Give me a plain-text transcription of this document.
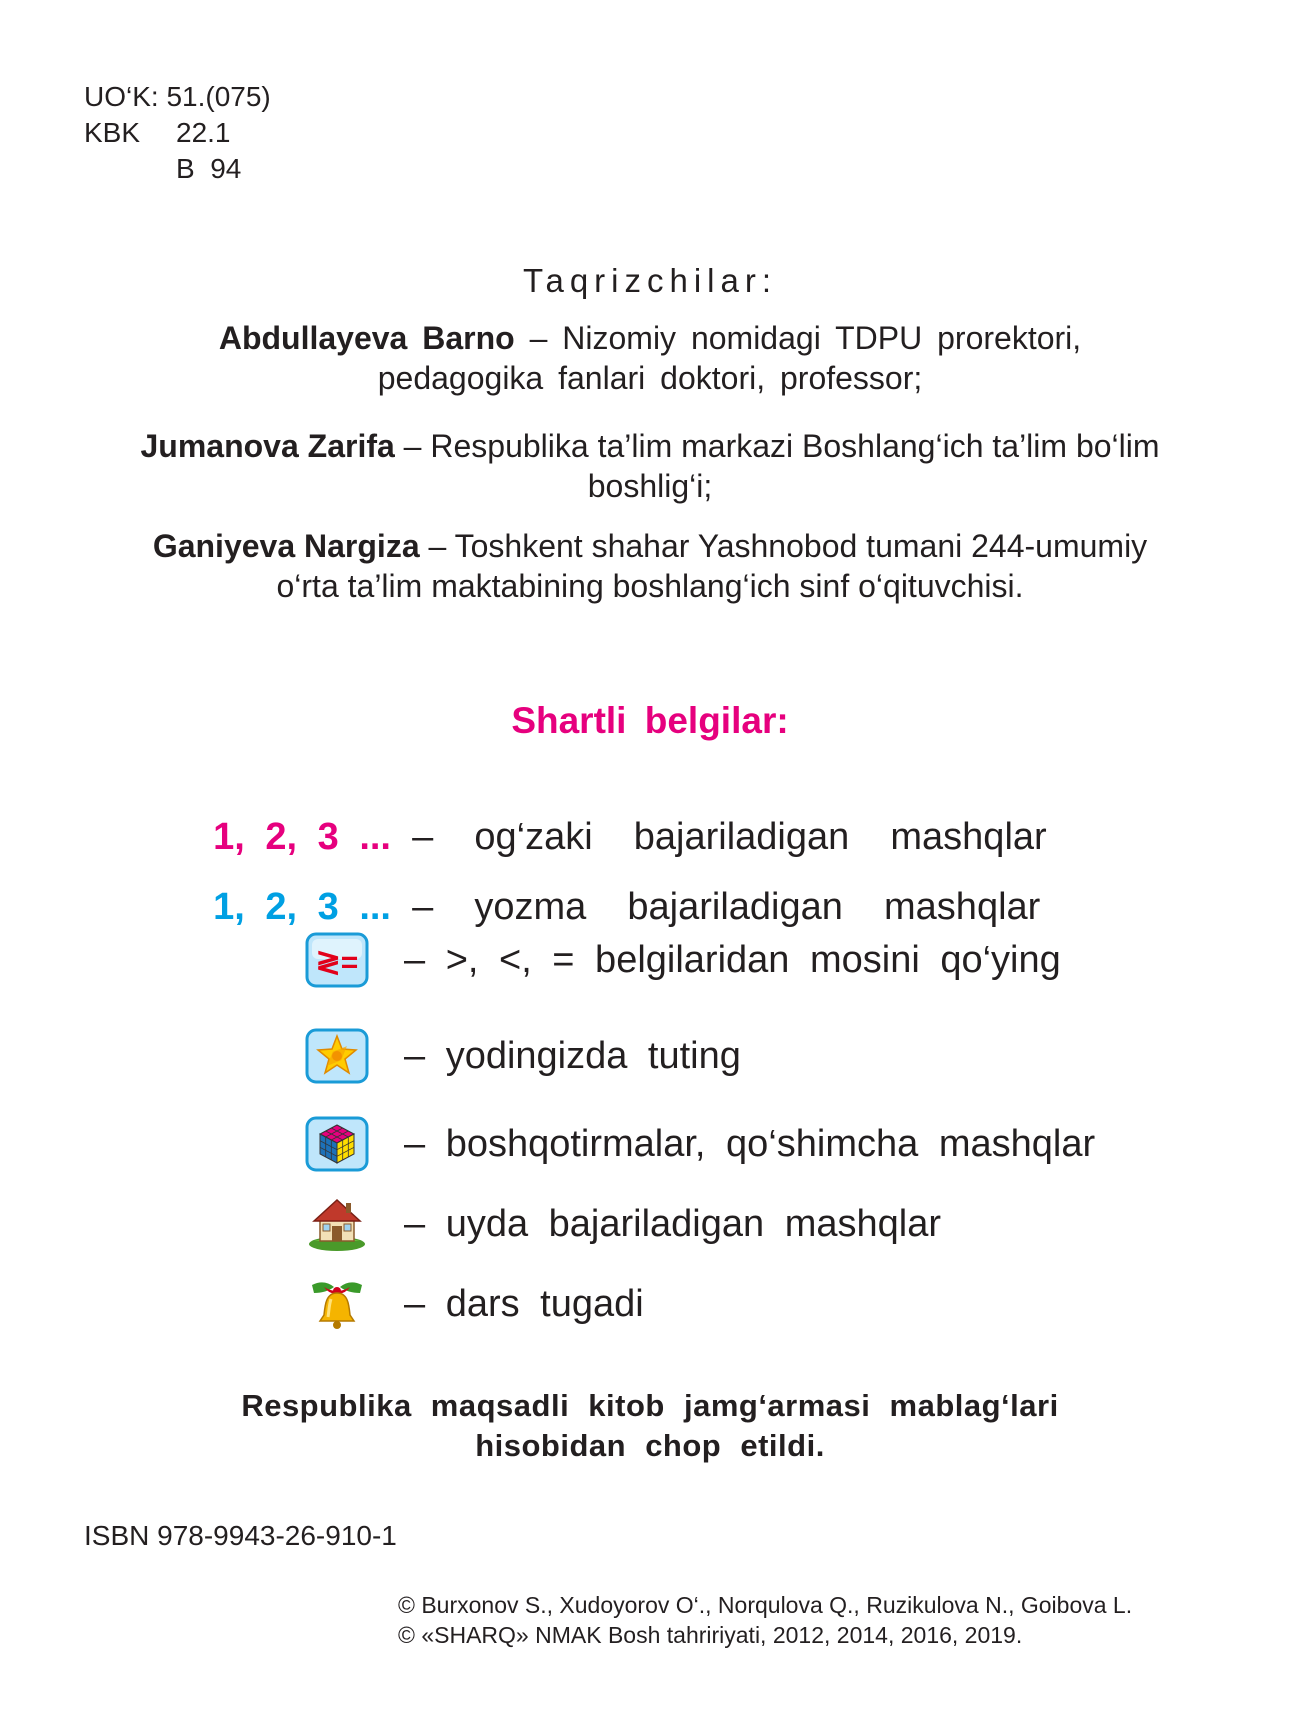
UO‘K: 51.(075)
KBK 22.1
B  94
Taqrizchilar:
Abdullayeva Barno – Nizomiy nomidagi TDPU prorektori,
pedagogika fanlari doktori, professor;
Jumanova Zarifa – Respublika ta’lim markazi Boshlang‘ich ta’lim bo‘lim
boshlig‘i;
Ganiyeva Nargiza – Toshkent shahar Yashnobod tumani 244-umumiy
o‘rta ta’lim maktabining boshlang‘ich sinf o‘qituvchisi.
Shartli belgilar:

1, 2, 3 ... –  og‘zaki  bajariladigan  mashqlar

1, 2, 3 ... –  yozma  bajariladigan  mashqlar

≷= – >, <, = belgilaridan mosini qo‘ying
– yodingizda tuting
– boshqotirmalar, qo‘shimcha mashqlar
– uyda bajariladigan mashqlar
– dars tugadi
Respublika maqsadli kitob jamg‘armasi mablag‘lari
hisobidan chop etildi.
ISBN 978-9943-26-910-1
© Burxonov S., Xudoyorov O‘., Norqulova Q., Ruzikulova N., Goibova L.
© «SHARQ» NMAK Bosh tahririyati, 2012, 2014, 2016, 2019.
